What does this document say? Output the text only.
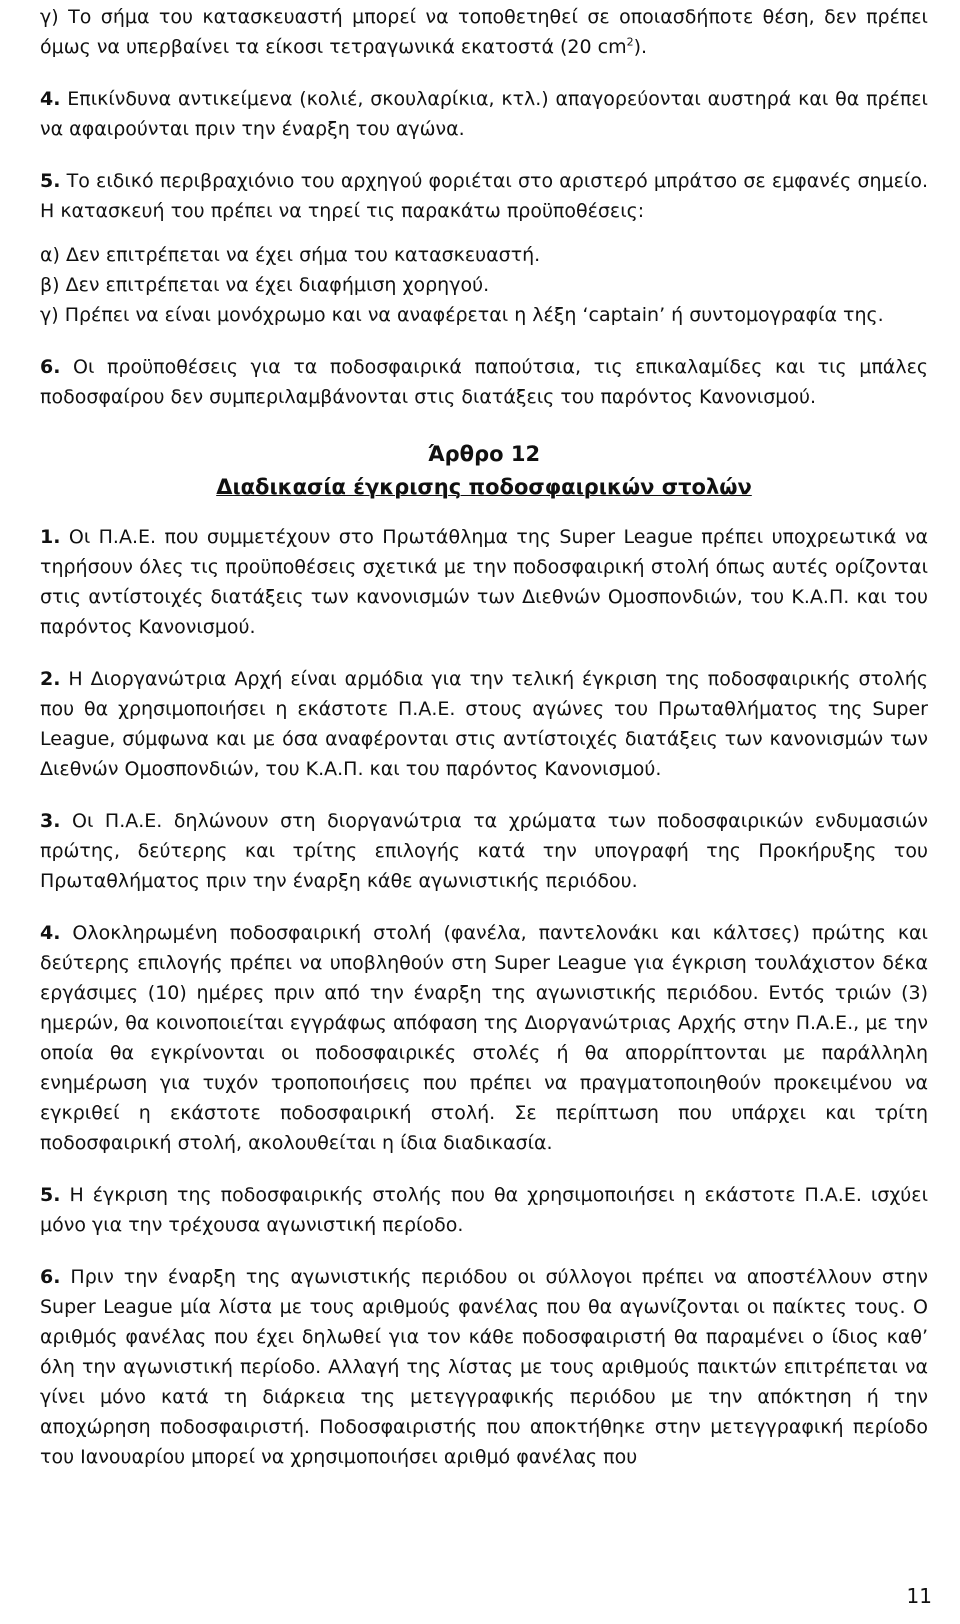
γ) Το σήμα του κατασκευαστή μπορεί να τοποθετηθεί σε οποιασδήποτε θέση, δεν πρέπει όμως να υπερβαίνει τα είκοσι τετραγωνικά εκατοστά (20 $cm^2$).

4. Επικίνδυνα αντικείμενα (κολιέ, σκουλαρίκια, κτλ.) απαγορεύονται αυστηρά και θα πρέπει να αφαιρούνται πριν την έναρξη του αγώνα.

5. Το ειδικό περιβραχιόνιο του αρχηγού φοριέται στο αριστερό μπράτσο σε εμφανές σημείο. Η κατασκευή του πρέπει να τηρεί τις παρακάτω προϋποθέσεις:

α) Δεν επιτρέπεται να έχει σήμα του κατασκευαστή.

β) Δεν επιτρέπεται να έχει διαφήμιση χορηγού.

γ) Πρέπει να είναι μονόχρωμο και να αναφέρεται η λέξη ‘captain’ ή συντομογραφία της.

6. Οι προϋποθέσεις για τα ποδοσφαιρικά παπούτσια, τις επικαλαμίδες και τις μπάλες ποδοσφαίρου δεν συμπεριλαμβάνονται στις διατάξεις του παρόντος Κανονισμού.

Άρθρο 12

Διαδικασία έγκρισης ποδοσφαιρικών στολών

1. Οι Π.Α.Ε. που συμμετέχουν στο Πρωτάθλημα της Super League πρέπει υποχρεωτικά να τηρήσουν όλες τις προϋποθέσεις σχετικά με την ποδοσφαιρική στολή όπως αυτές ορίζονται στις αντίστοιχές διατάξεις των κανονισμών των Διεθνών Ομοσπονδιών, του Κ.Α.Π. και του παρόντος Κανονισμού.

2. Η Διοργανώτρια Αρχή είναι αρμόδια για την τελική έγκριση της ποδοσφαιρικής στολής που θα χρησιμοποιήσει η εκάστοτε Π.Α.Ε. στους αγώνες του Πρωταθλήματος της Super League, σύμφωνα και με όσα αναφέρονται στις αντίστοιχές διατάξεις των κανονισμών των Διεθνών Ομοσπονδιών, του Κ.Α.Π. και του παρόντος Κανονισμού.

3. Οι Π.Α.Ε. δηλώνουν στη διοργανώτρια τα χρώματα των ποδοσφαιρικών ενδυμασιών πρώτης, δεύτερης και τρίτης επιλογής κατά την υπογραφή της Προκήρυξης του Πρωταθλήματος πριν την έναρξη κάθε αγωνιστικής περιόδου.

4. Ολοκληρωμένη ποδοσφαιρική στολή (φανέλα, παντελονάκι και κάλτσες) πρώτης και δεύτερης επιλογής πρέπει να υποβληθούν στη Super League για έγκριση τουλάχιστον δέκα εργάσιμες (10) ημέρες πριν από την έναρξη της αγωνιστικής περιόδου. Εντός τριών (3) ημερών, θα κοινοποιείται εγγράφως απόφαση της Διοργανώτριας Αρχής στην Π.Α.Ε., με την οποία θα εγκρίνονται οι ποδοσφαιρικές στολές ή θα απορρίπτονται με παράλληλη ενημέρωση για τυχόν τροποποιήσεις που πρέπει να πραγματοποιηθούν προκειμένου να εγκριθεί η εκάστοτε ποδοσφαιρική στολή. Σε περίπτωση που υπάρχει και τρίτη ποδοσφαιρική στολή, ακολουθείται η ίδια διαδικασία.

5. Η έγκριση της ποδοσφαιρικής στολής που θα χρησιμοποιήσει η εκάστοτε Π.Α.Ε. ισχύει μόνο για την τρέχουσα αγωνιστική περίοδο.

6. Πριν την έναρξη της αγωνιστικής περιόδου οι σύλλογοι πρέπει να αποστέλλουν στην Super League μία λίστα με τους αριθμούς φανέλας που θα αγωνίζονται οι παίκτες τους. Ο αριθμός φανέλας που έχει δηλωθεί για τον κάθε ποδοσφαιριστή θα παραμένει ο ίδιος καθ’ όλη την αγωνιστική περίοδο. Αλλαγή της λίστας με τους αριθμούς παικτών επιτρέπεται να γίνει μόνο κατά τη διάρκεια της μετεγγραφικής περιόδου με την απόκτηση ή την αποχώρηση ποδοσφαιριστή. Ποδοσφαιριστής που αποκτήθηκε στην μετεγγραφική περίοδο του Ιανουαρίου μπορεί να χρησιμοποιήσει αριθμό φανέλας που

11
